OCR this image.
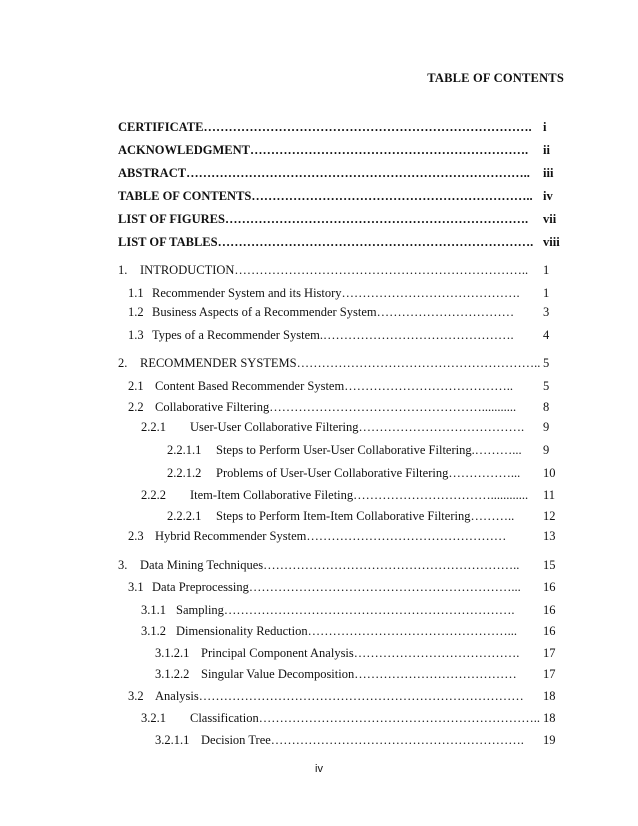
TABLE OF CONTENTS
CERTIFICATE……………………………………………………………………. i
ACKNOWLEDGMENT…………………………………………………………. ii
ABSTRACT……………………………………………………………………….. iii
TABLE OF CONTENTS………………………………………………………….. iv
LIST OF FIGURES………………………………………………………………. vii
LIST OF TABLES…………………………………………………………………. viii
1. INTRODUCTION…………………………………………………………….. 1
1.1 Recommender System and its History……………………………………. 1
1.2 Business Aspects of a Recommender System…………………………… 3
1.3 Types of a Recommender System.………………………………………. 4
2. RECOMMENDER SYSTEMS………………………………………………….. 5
2.1 Content Based Recommender System………………………………….. 5
2.2 Collaborative Filtering……………………………………………........... 8
2.2.1 User-User Collaborative Filtering…………………………………. 9
2.2.1.1 Steps to Perform User-User Collaborative Filtering.………... 9
2.2.1.2 Problems of User-User Collaborative Filtering……………... 10
2.2.2 Item-Item Collaborative Fileting……………………………............ 11
2.2.2.1 Steps to Perform Item-Item Collaborative Filtering……….. 12
2.3 Hybrid Recommender System…………………………………………	13
3. Data Mining Techniques…………………………………………………….. 15
3.1 Data Preprocessing………………………………………………………... 16
3.1.1 Sampling……………………………………………………………. 16
3.1.2 Dimensionality Reduction…………………………………………... 16
3.1.2.1 Principal Component Analysis…………………………………. 17
3.1.2.2 Singular Value Decomposition………………………………… 17
3.2 Analysis…………………………………………………………………… 18
3.2.1 Classification………………………………………………………….. 18
3.2.1.1 Decision Tree……………………………………………………. 19
iv
